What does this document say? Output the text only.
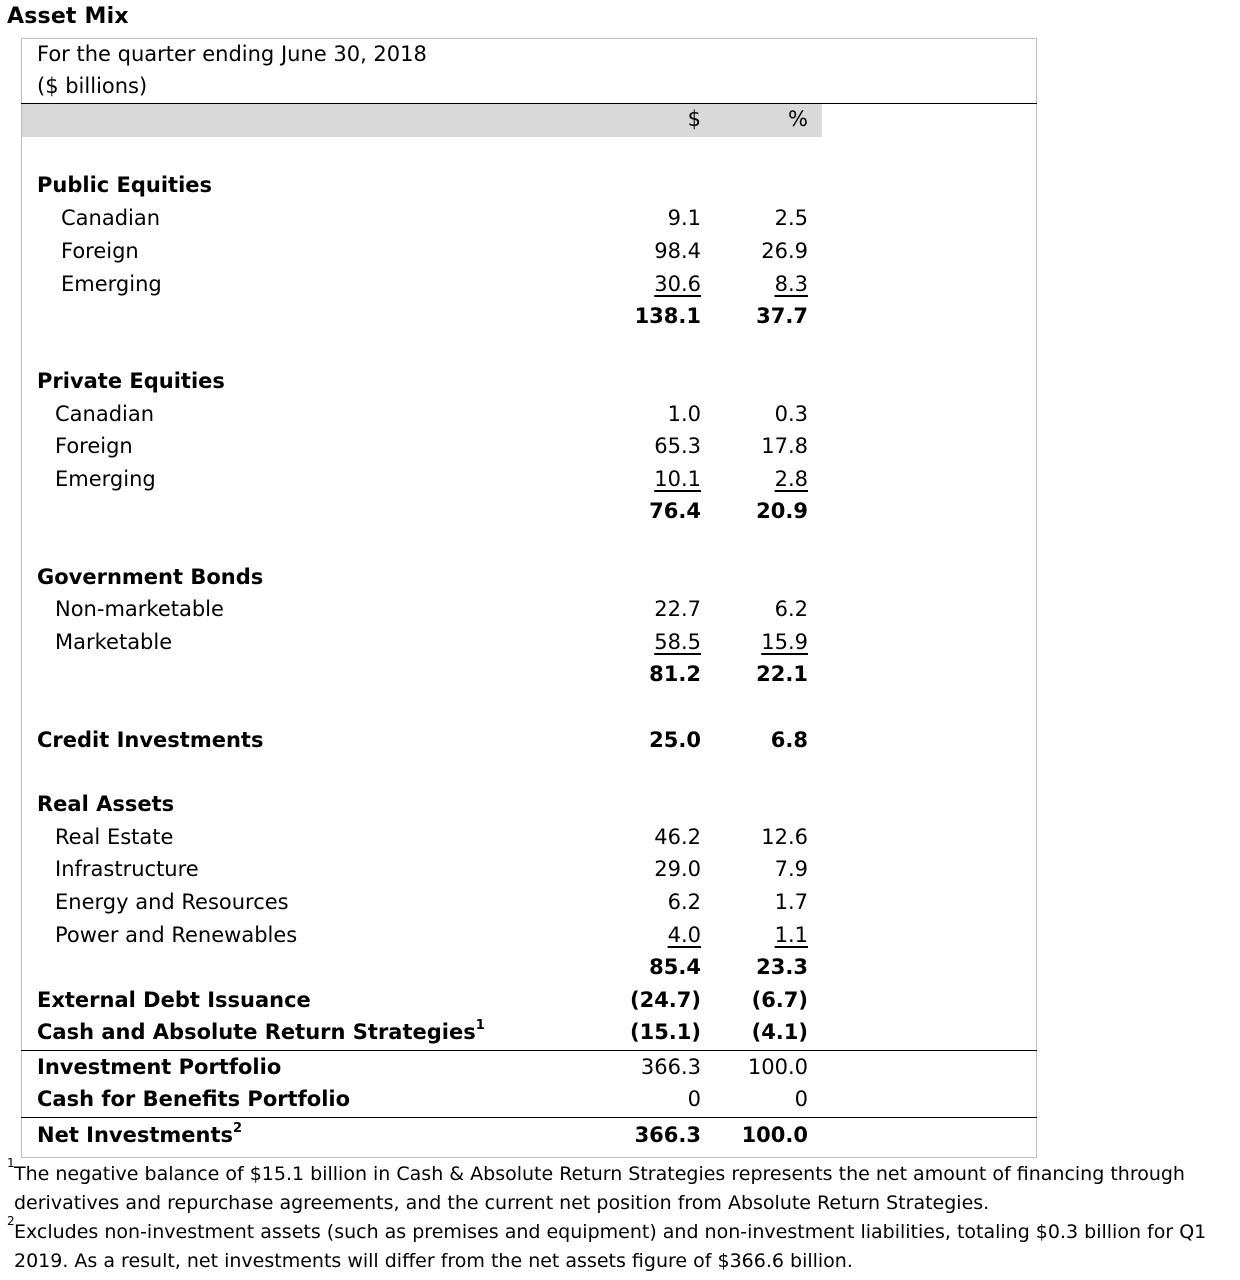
Asset Mix
For the quarter ending June 30, 2018
($ billions)
$	%
Public Equities
Canadian	9.1	2.5
Foreign	98.4	26.9
Emerging	30.6	8.3
138.1	37.7
Private Equities
Canadian	1.0	0.3
Foreign	65.3	17.8
Emerging	10.1	2.8
76.4	20.9
Government Bonds
Non-marketable	22.7	6.2
Marketable	58.5	15.9
81.2	22.1
Credit Investments	25.0	6.8
Real Assets
Real Estate	46.2	12.6
Infrastructure	29.0	7.9
Energy and Resources	6.2	1.7
Power and Renewables	4.0	1.1
85.4	23.3
External Debt Issuance	(24.7) (6.7)
Cash and Absolute Return Strategies$^1$	(15.1) (4.1)
Investment Portfolio	366.3 100.0
Cash for Benefits Portfolio	0	0
Net Investments$^2$	366.3 100.0
1 The negative balance of $15.1 billion in Cash & Absolute Return Strategies represents the net amount of financing through derivatives and repurchase agreements, and the current net position from Absolute Return Strategies.
2 Excludes non-investment assets (such as premises and equipment) and non-investment liabilities, totaling $0.3 billion for Q1 2019. As a result, net investments will differ from the net assets figure of $366.6 billion.
